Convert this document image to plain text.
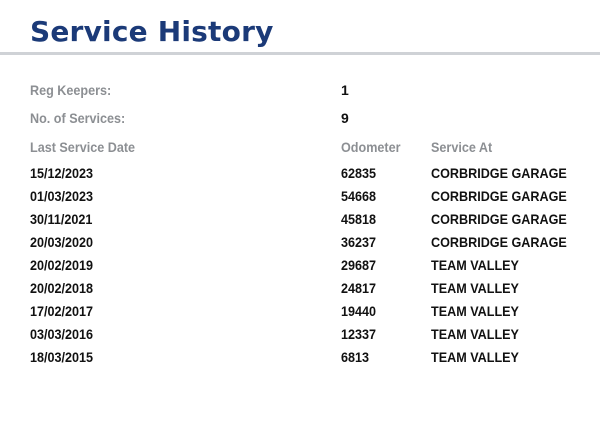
Service History
Reg Keepers:	1
No. of Services:	9
Last Service Date	Odometer Service At
15/12/2023	62835	CORBRIDGE GARAGE
01/03/2023	54668	CORBRIDGE GARAGE
30/11/2021	45818	CORBRIDGE GARAGE
20/03/2020	36237	CORBRIDGE GARAGE
20/02/2019	29687	TEAM VALLEY
20/02/2018	24817	TEAM VALLEY
17/02/2017	19440	TEAM VALLEY
03/03/2016	12337	TEAM VALLEY
18/03/2015	6813	TEAM VALLEY
